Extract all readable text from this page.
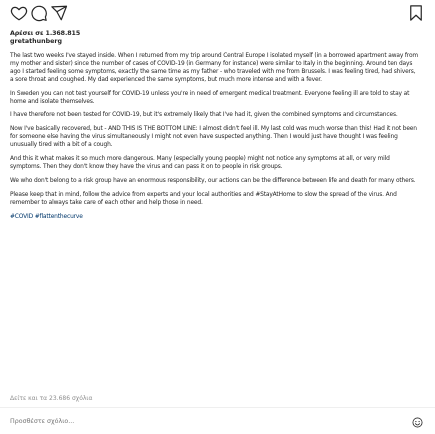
Αρέσει σε 1.368.815
gretathunberg

The last two weeks I've stayed inside. When I returned from my trip around Central Europe I isolated myself (in a borrowed apartment away from my mother and sister) since the number of cases of COVID-19 (in Germany for instance) were similar to Italy in the beginning. Around ten days ago I started feeling some symptoms, exactly the same time as my father - who traveled with me from Brussels. I was feeling tired, had shivers, a sore throat and coughed. My dad experienced the same symptoms, but much more intense and with a fever.

In Sweden you can not test yourself for COVID-19 unless you're in need of emergent medical treatment. Everyone feeling ill are told to stay at home and isolate themselves.

I have therefore not been tested for COVID-19, but it's extremely likely that I've had it, given the combined symptoms and circumstances.

Now I've basically recovered, but - AND THIS IS THE BOTTOM LINE: I almost didn't feel ill. My last cold was much worse than this! Had it not been for someone else having the virus simultaneously I might not even have suspected anything. Then I would just have thought I was feeling unusually tired with a bit of a cough.

And this it what makes it so much more dangerous. Many (especially young people) might not notice any symptoms at all, or very mild symptoms. Then they don't know they have the virus and can pass it on to people in risk groups.

We who don't belong to a risk group have an enormous responsibility, our actions can be the difference between life and death for many others.

Please keep that in mind, follow the advice from experts and your local authorities and #StayAtHome to slow the spread of the virus. And remember to always take care of each other and help those in need.

#COVID #flattenthecurve

Δείτε και τα 23.686 σχόλια
Προσθέστε σχόλιο...
